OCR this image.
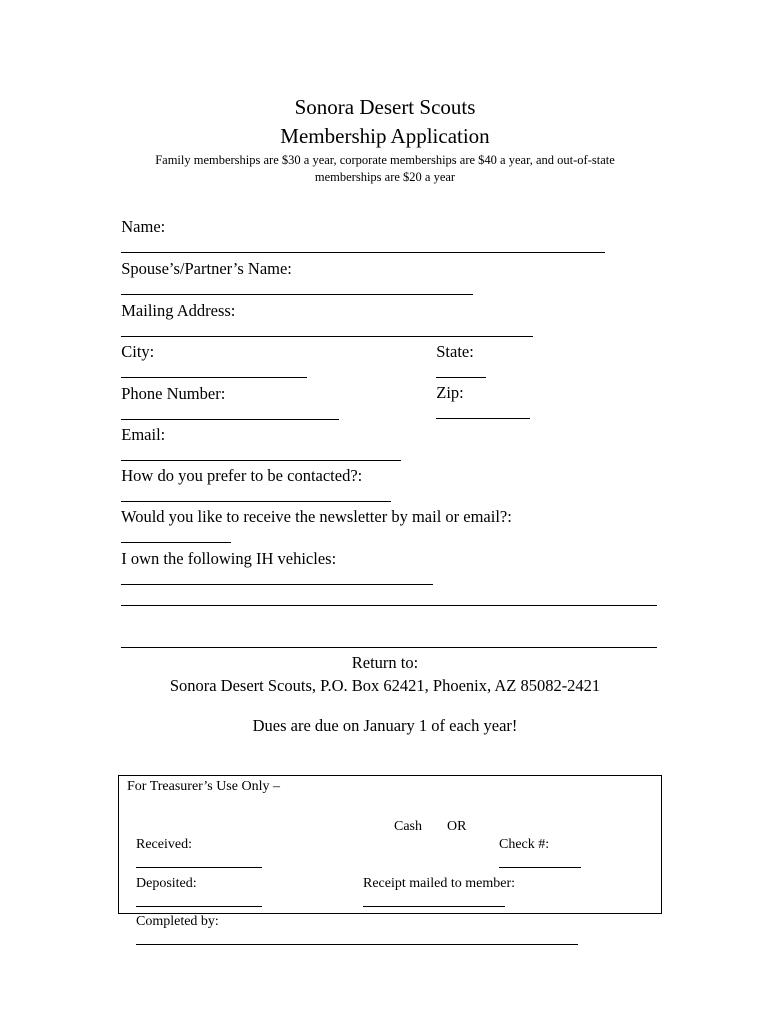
Sonora Desert Scouts
Membership Application
Family memberships are $30 a year, corporate memberships are $40 a year, and out-of-state
memberships are $20 a year

Name:

Spouse’s/Partner’s Name:

Mailing Address:

City:
	State:

Zip:

Phone Number:

Email:

How do you prefer to be contacted?:

Would you like to receive the newsletter by mail or email?:

I own the following IH vehicles:

Return to:
Sonora Desert Scouts, P.O. Box 62421, Phoenix, AZ 85082-2421
Dues are due on January 1 of each year!
For Treasurer’s Use Only –

Received:

Cash OR

Check #:

Deposited:

	Receipt mailed to member:

Completed by:
